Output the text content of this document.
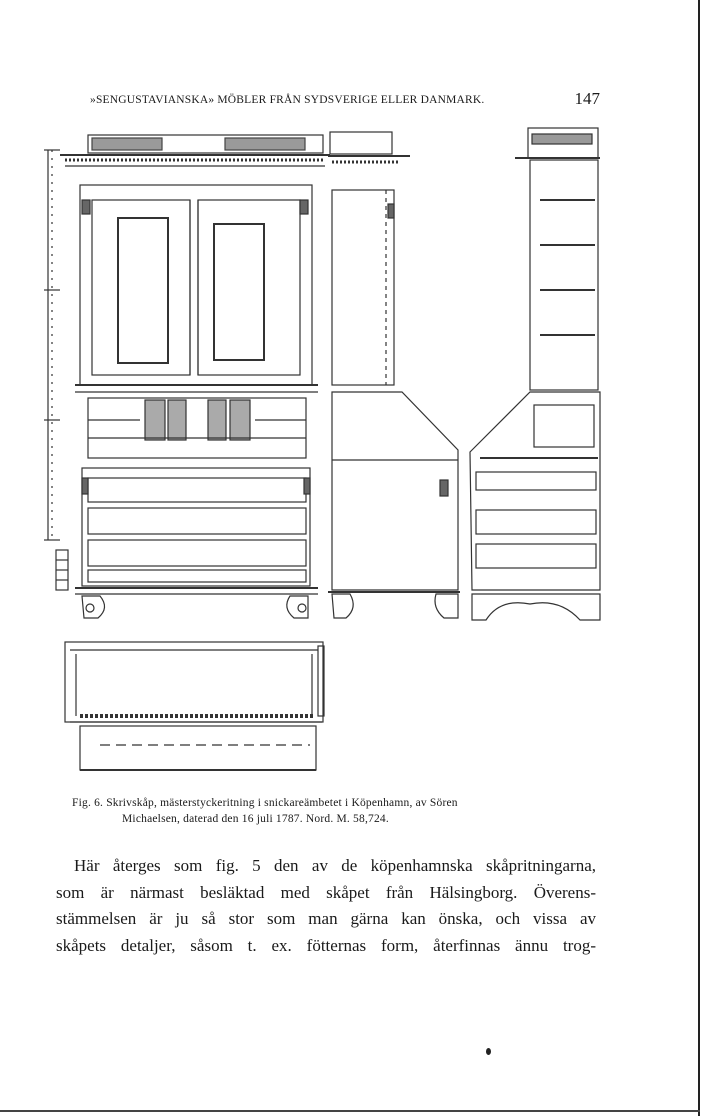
»SENGUSTAVIANSKA» MÖBLER FRÅN SYDSVERIGE ELLER DANMARK.	147
Fig. 6. Skrivskåp, mästerstyckeritning i snickareämbetet i Köpenhamn, av Sören
Michaelsen, daterad den 16 juli 1787. Nord. M. 58,724.
Här återges som fig. 5 den av de köpenhamnska skåpritningarna,
som är närmast besläktad med skåpet från Hälsingborg. Överens-
stämmelsen är ju så stor som man gärna kan önska, och vissa av
skåpets detaljer, såsom t. ex. fötternas form, återfinnas ännu trog-
